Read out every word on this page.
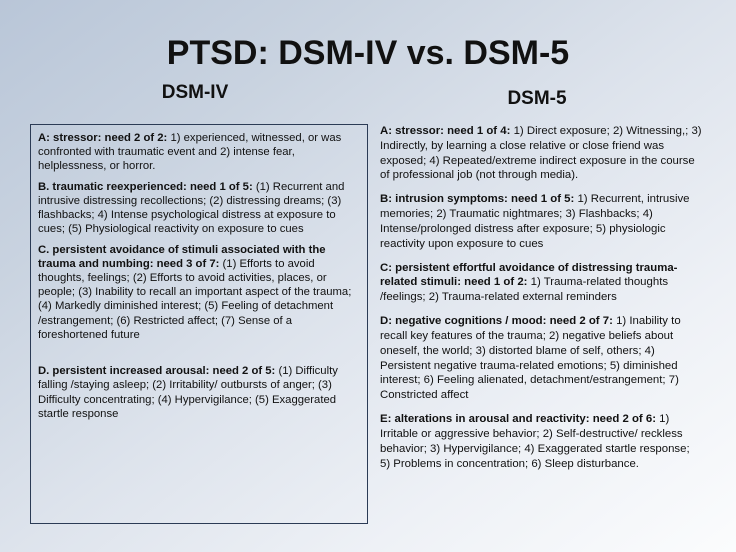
PTSD: DSM-IV vs. DSM-5
DSM-IV	DSM-5
A: stressor: need 2 of 2: 1) experienced, witnessed, or was confronted with traumatic event and 2) intense fear, helplessness, or horror.
B. traumatic reexperienced: need 1 of 5: (1) Recurrent and intrusive distressing recollections; (2) distressing dreams; (3) flashbacks; 4) Intense psychological distress at exposure to cues; (5) Physiological reactivity on exposure to cues
C. persistent avoidance of stimuli associated with the trauma and numbing: need 3 of 7: (1) Efforts to avoid thoughts, feelings; (2) Efforts to avoid activities, places, or people; (3) Inability to recall an important aspect of the trauma; (4) Markedly diminished interest; (5) Feeling of detachment /estrangement; (6) Restricted affect; (7) Sense of a foreshortened future
D. persistent increased arousal: need 2 of 5: (1) Difficulty falling /staying asleep; (2) Irritability/ outbursts of anger; (3) Difficulty concentrating; (4) Hypervigilance; (5) Exaggerated startle response
A: stressor: need 1 of 4: 1) Direct exposure; 2) Witnessing,; 3) Indirectly, by learning a close relative or close friend was exposed; 4) Repeated/extreme indirect exposure in the course of professional job (not through media).
B: intrusion symptoms: need 1 of 5: 1) Recurrent, intrusive memories; 2) Traumatic nightmares; 3) Flashbacks; 4) Intense/prolonged distress after exposure; 5) physiologic reactivity upon exposure to cues
C: persistent effortful avoidance of distressing trauma-related stimuli: need 1 of 2: 1) Trauma-related thoughts /feelings; 2) Trauma-related external reminders
D: negative cognitions / mood: need 2 of 7: 1) Inability to recall key features of the trauma; 2) negative beliefs about oneself, the world; 3) distorted blame of self, others; 4) Persistent negative trauma-related emotions; 5) diminished interest; 6) Feeling alienated, detachment/estrangement; 7) Constricted affect
E: alterations in arousal and reactivity: need 2 of 6: 1) Irritable or aggressive behavior; 2) Self-destructive/ reckless behavior; 3) Hypervigilance; 4) Exaggerated startle response; 5) Problems in concentration; 6) Sleep disturbance.
